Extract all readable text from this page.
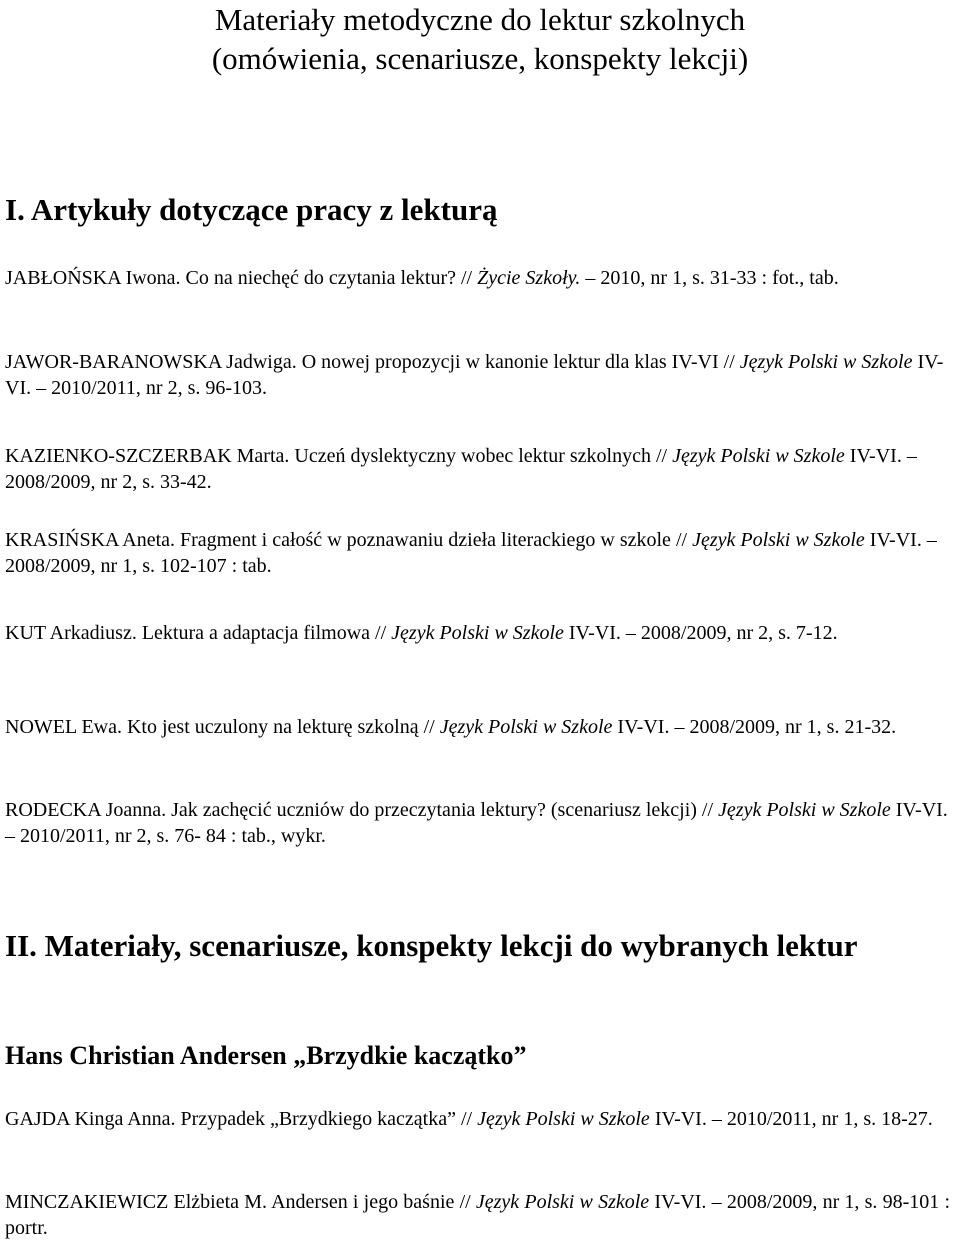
Materiały metodyczne do lektur szkolnych
(omówienia, scenariusze, konspekty lekcji)
I. Artykuły dotyczące pracy z lekturą
JABŁOŃSKA Iwona. Co na niechęć do czytania lektur? // Życie Szkoły. – 2010, nr 1, s. 31-33 : fot., tab.
JAWOR-BARANOWSKA Jadwiga. O nowej propozycji w kanonie lektur dla klas IV-VI // Język Polski w Szkole IV-VI. – 2010/2011, nr 2, s. 96-103.
KAZIENKO-SZCZERBAK Marta. Uczeń dyslektyczny wobec lektur szkolnych // Język Polski w Szkole IV-VI. – 2008/2009, nr 2, s. 33-42.
KRASIŃSKA Aneta. Fragment i całość w poznawaniu dzieła literackiego w szkole // Język Polski w Szkole IV-VI. – 2008/2009, nr 1, s. 102-107 : tab.
KUT Arkadiusz. Lektura a adaptacja filmowa // Język Polski w Szkole IV-VI. – 2008/2009, nr 2, s. 7-12.
NOWEL Ewa. Kto jest uczulony na lekturę szkolną // Język Polski w Szkole IV-VI. – 2008/2009, nr 1, s. 21-32.
RODECKA Joanna. Jak zachęcić uczniów do przeczytania lektury? (scenariusz lekcji) // Język Polski w Szkole IV-VI. – 2010/2011, nr 2, s. 76- 84 : tab., wykr.
II. Materiały, scenariusze, konspekty lekcji do wybranych lektur
Hans Christian Andersen „Brzydkie kaczątko”
GAJDA Kinga Anna. Przypadek „Brzydkiego kaczątka” // Język Polski w Szkole IV-VI. – 2010/2011, nr 1, s. 18-27.
MINCZAKIEWICZ Elżbieta M. Andersen i jego baśnie // Język Polski w Szkole IV-VI. – 2008/2009, nr 1, s. 98-101 : portr.
